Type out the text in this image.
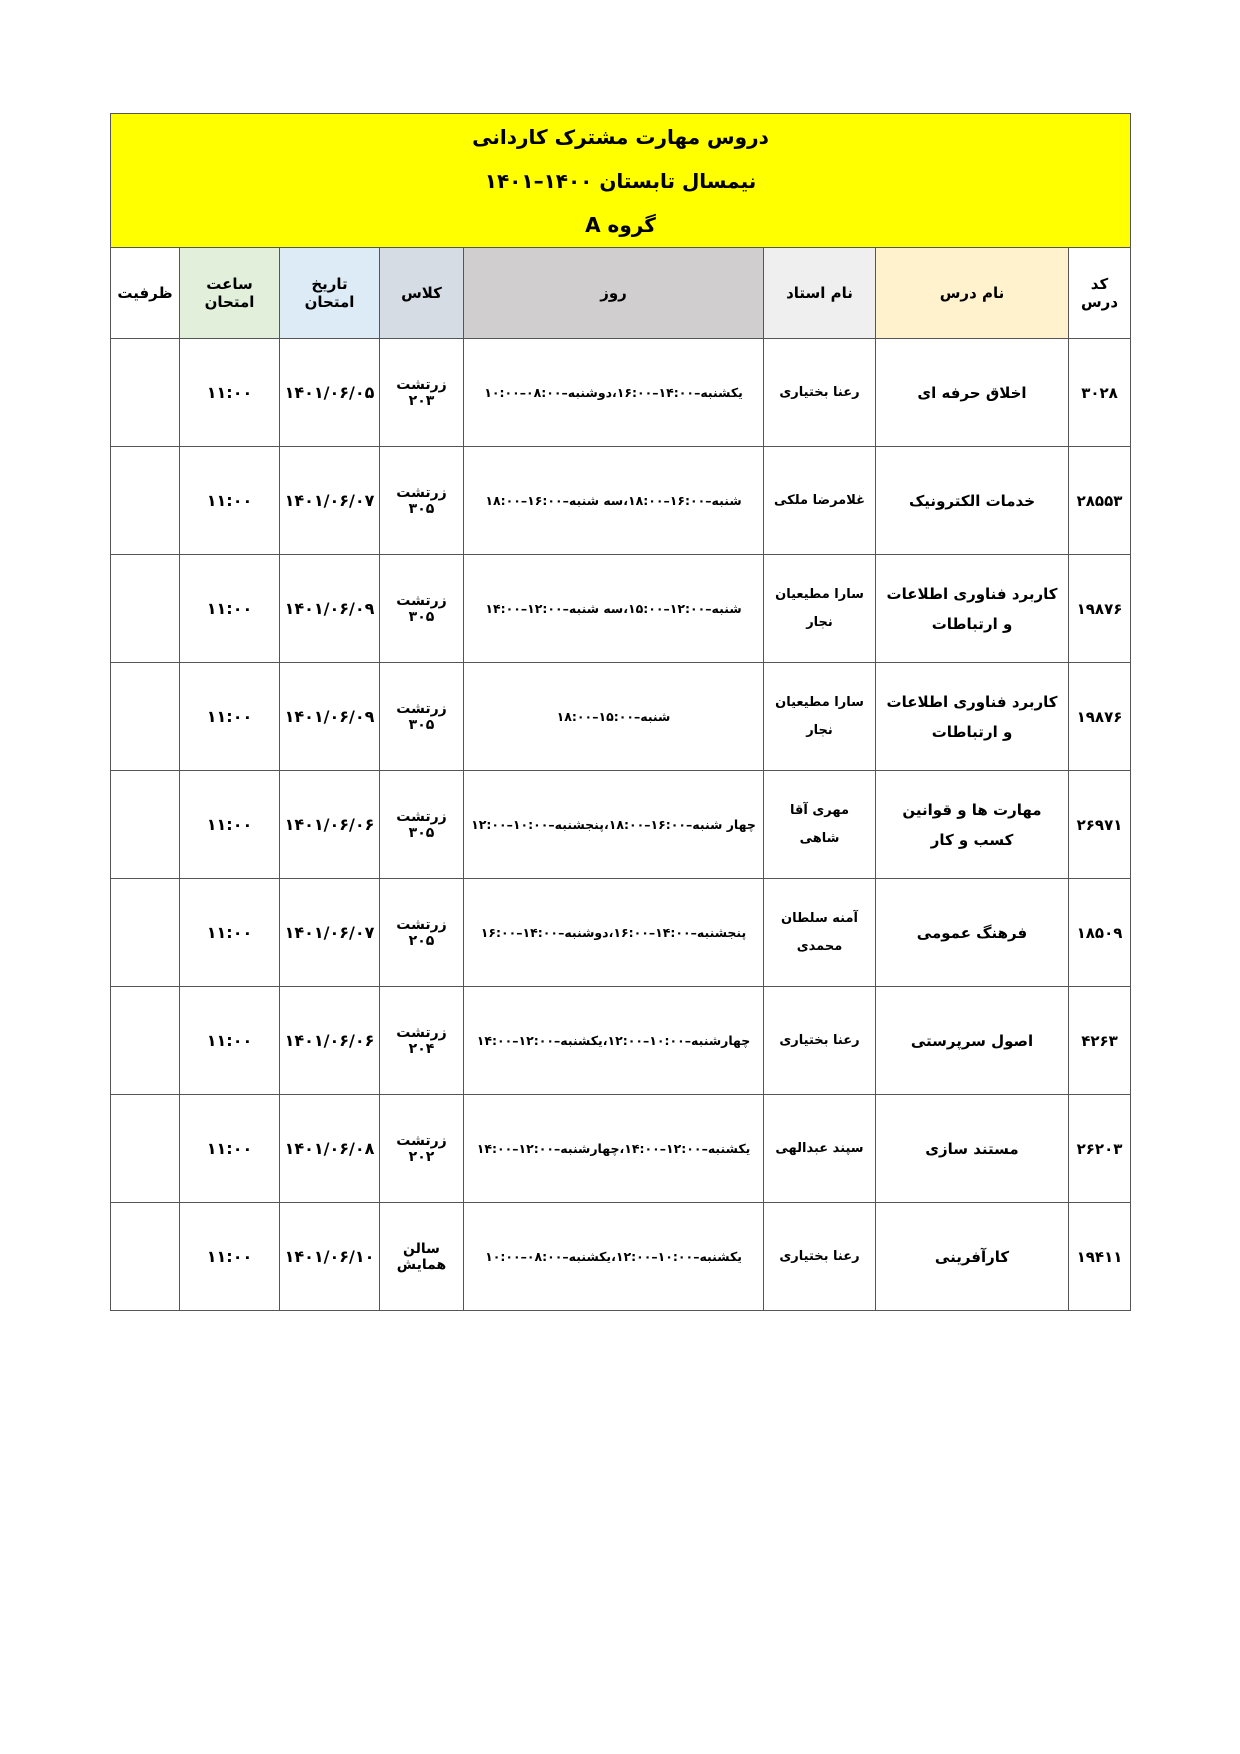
دروس مهارت مشترک کاردانی
نیمسال تابستان ۱۴۰۰–۱۴۰۱
گروه A							

کد درس	نام درس	نام استاد	روز	کلاس	تاریخ امتحان	ساعت امتحان	ظرفیت
۳۰۲۸	اخلاق حرفه ای	رعنا بختیاری	یکشنبه–۱۴:۰۰–۱۶:۰۰،دوشنبه–۰۸:۰۰–۱۰:۰۰	زرتشت ۲۰۳	۱۴۰۱/۰۶/۰۵	۱۱:۰۰	
۲۸۵۵۳	خدمات الکترونیک	غلامرضا ملکی	شنبه–۱۶:۰۰–۱۸:۰۰،سه شنبه–۱۶:۰۰–۱۸:۰۰	زرتشت ۳۰۵	۱۴۰۱/۰۶/۰۷	۱۱:۰۰	
۱۹۸۷۶	کاربرد فناوری اطلاعات و ارتباطات	سارا مطیعیان نجار	شنبه–۱۲:۰۰–۱۵:۰۰،سه شنبه–۱۲:۰۰–۱۴:۰۰	زرتشت ۳۰۵	۱۴۰۱/۰۶/۰۹	۱۱:۰۰	
۱۹۸۷۶	کاربرد فناوری اطلاعات و ارتباطات	سارا مطیعیان نجار	شنبه–۱۵:۰۰–۱۸:۰۰	زرتشت ۳۰۵	۱۴۰۱/۰۶/۰۹	۱۱:۰۰	
۲۶۹۷۱	مهارت ها و قوانین کسب و کار	مهری آقا شاهی	چهار شنبه–۱۶:۰۰–۱۸:۰۰،پنجشنبه–۱۰:۰۰–۱۲:۰۰	زرتشت ۳۰۵	۱۴۰۱/۰۶/۰۶	۱۱:۰۰	
۱۸۵۰۹	فرهنگ عمومی	آمنه سلطان محمدی	پنجشنبه–۱۴:۰۰–۱۶:۰۰،دوشنبه–۱۴:۰۰–۱۶:۰۰	زرتشت ۲۰۵	۱۴۰۱/۰۶/۰۷	۱۱:۰۰	
۴۲۶۳	اصول سرپرستی	رعنا بختیاری	چهارشنبه–۱۰:۰۰–۱۲:۰۰،یکشنبه–۱۲:۰۰–۱۴:۰۰	زرتشت ۲۰۴	۱۴۰۱/۰۶/۰۶	۱۱:۰۰	
۲۶۲۰۳	مستند سازی	سپند عبدالهی	یکشنبه–۱۲:۰۰–۱۴:۰۰،چهارشنبه–۱۲:۰۰–۱۴:۰۰	زرتشت ۲۰۲	۱۴۰۱/۰۶/۰۸	۱۱:۰۰	
۱۹۴۱۱	کارآفرینی	رعنا بختیاری	یکشنبه–۱۰:۰۰–۱۲:۰۰،یکشنبه–۰۸:۰۰–۱۰:۰۰	سالن همایش	۱۴۰۱/۰۶/۱۰	۱۱:۰۰	
